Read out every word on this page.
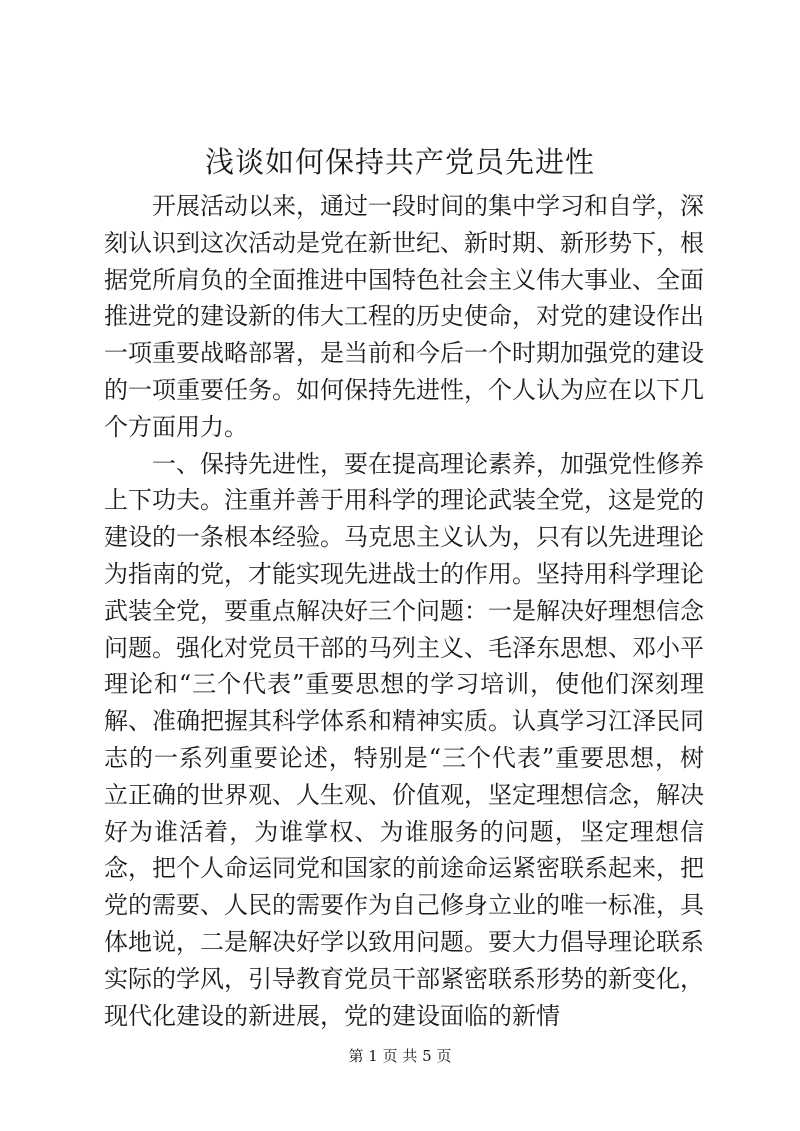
浅谈如何保持共产党员先进性

开展活动以来，通过一段时间的集中学习和自学，深刻认识到这次活动是党在新世纪、新时期、新形势下，根据党所肩负的全面推进中国特色社会主义伟大事业、全面推进党的建设新的伟大工程的历史使命，对党的建设作出一项重要战略部署，是当前和今后一个时期加强党的建设的一项重要任务。如何保持先进性，个人认为应在以下几个方面用力。

一、保持先进性，要在提高理论素养，加强党性修养上下功夫。注重并善于用科学的理论武装全党，这是党的建设的一条根本经验。马克思主义认为，只有以先进理论为指南的党，才能实现先进战士的作用。坚持用科学理论武装全党，要重点解决好三个问题：一是解决好理想信念问题。强化对党员干部的马列主义、毛泽东思想、邓小平理论和“三个代表”重要思想的学习培训，使他们深刻理解、准确把握其科学体系和精神实质。认真学习江泽民同志的一系列重要论述，特别是“三个代表”重要思想，树立正确的世界观、人生观、价值观，坚定理想信念，解决好为谁活着，为谁掌权、为谁服务的问题，坚定理想信念，把个人命运同党和国家的前途命运紧密联系起来，把党的需要、人民的需要作为自己修身立业的唯一标准，具体地说，二是解决好学以致用问题。要大力倡导理论联系实际的学风，引导教育党员干部紧密联系形势的新变化，现代化建设的新进展，党的建设面临的新情

第 1 页 共 5 页
